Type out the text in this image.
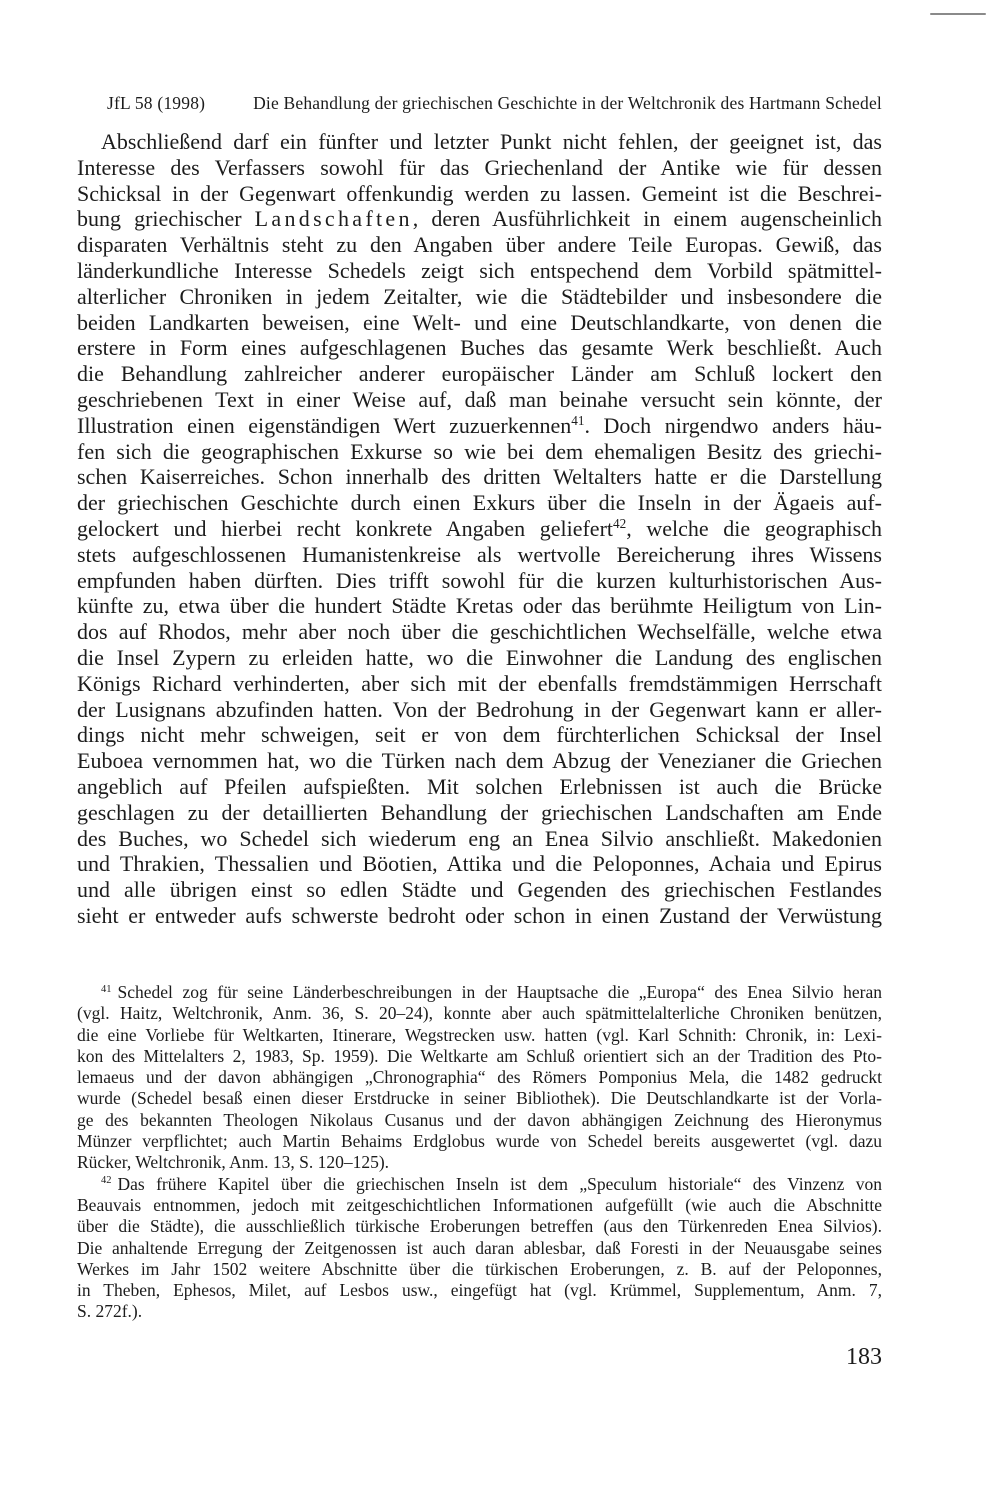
JfL 58 (1998)	Die Behandlung der griechischen Geschichte in der Weltchronik des Hartmann Schedel
Abschließend darf ein fünfter und letzter Punkt nicht fehlen, der geeignet ist, das
Interesse des Verfassers sowohl für das Griechenland der Antike wie für dessen
Schicksal in der Gegenwart offenkundig werden zu lassen. Gemeint ist die Beschrei-
bung griechischer Landschaften, deren Ausführlichkeit in einem augenscheinlich
disparaten Verhältnis steht zu den Angaben über andere Teile Europas. Gewiß, das
länderkundliche Interesse Schedels zeigt sich entspechend dem Vorbild spätmittel-
alterlicher Chroniken in jedem Zeitalter, wie die Städtebilder und insbesondere die
beiden Landkarten beweisen, eine Welt- und eine Deutschlandkarte, von denen die
erstere in Form eines aufgeschlagenen Buches das gesamte Werk beschließt. Auch
die Behandlung zahlreicher anderer europäischer Länder am Schluß lockert den
geschriebenen Text in einer Weise auf, daß man beinahe versucht sein könnte, der
Illustration einen eigenständigen Wert zuzuerkennen$^{41}$. Doch nirgendwo anders häu-
fen sich die geographischen Exkurse so wie bei dem ehemaligen Besitz des griechi-
schen Kaiserreiches. Schon innerhalb des dritten Weltalters hatte er die Darstellung
der griechischen Geschichte durch einen Exkurs über die Inseln in der Ägaeis auf-
gelockert und hierbei recht konkrete Angaben geliefert$^{42}$, welche die geographisch
stets aufgeschlossenen Humanistenkreise als wertvolle Bereicherung ihres Wissens
empfunden haben dürften. Dies trifft sowohl für die kurzen kulturhistorischen Aus-
künfte zu, etwa über die hundert Städte Kretas oder das berühmte Heiligtum von Lin-
dos auf Rhodos, mehr aber noch über die geschichtlichen Wechselfälle, welche etwa
die Insel Zypern zu erleiden hatte, wo die Einwohner die Landung des englischen
Königs Richard verhinderten, aber sich mit der ebenfalls fremdstämmigen Herrschaft
der Lusignans abzufinden hatten. Von der Bedrohung in der Gegenwart kann er aller-
dings nicht mehr schweigen, seit er von dem fürchterlichen Schicksal der Insel
Euboea vernommen hat, wo die Türken nach dem Abzug der Venezianer die Griechen
angeblich auf Pfeilen aufspießten. Mit solchen Erlebnissen ist auch die Brücke
geschlagen zu der detaillierten Behandlung der griechischen Landschaften am Ende
des Buches, wo Schedel sich wiederum eng an Enea Silvio anschließt. Makedonien
und Thrakien, Thessalien und Böotien, Attika und die Peloponnes, Achaia und Epirus
und alle übrigen einst so edlen Städte und Gegenden des griechischen Festlandes
sieht er entweder aufs schwerste bedroht oder schon in einen Zustand der Verwüstung
$^{41}$ Schedel zog für seine Länderbeschreibungen in der Hauptsache die „Europa“ des Enea Silvio heran
(vgl. Haitz, Weltchronik, Anm. 36, S. 20–24), konnte aber auch spätmittelalterliche Chroniken benützen,
die eine Vorliebe für Weltkarten, Itinerare, Wegstrecken usw. hatten (vgl. Karl Schnith: Chronik, in: Lexi-
kon des Mittelalters 2, 1983, Sp. 1959). Die Weltkarte am Schluß orientiert sich an der Tradition des Pto-
lemaeus und der davon abhängigen „Chronographia“ des Römers Pomponius Mela, die 1482 gedruckt
wurde (Schedel besaß einen dieser Erstdrucke in seiner Bibliothek). Die Deutschlandkarte ist der Vorla-
ge des bekannten Theologen Nikolaus Cusanus und der davon abhängigen Zeichnung des Hieronymus
Münzer verpflichtet; auch Martin Behaims Erdglobus wurde von Schedel bereits ausgewertet (vgl. dazu
Rücker, Weltchronik, Anm. 13, S. 120–125).
$^{42}$ Das frühere Kapitel über die griechischen Inseln ist dem „Speculum historiale“ des Vinzenz von
Beauvais entnommen, jedoch mit zeitgeschichtlichen Informationen aufgefüllt (wie auch die Abschnitte
über die Städte), die ausschließlich türkische Eroberungen betreffen (aus den Türkenreden Enea Silvios).
Die anhaltende Erregung der Zeitgenossen ist auch daran ablesbar, daß Foresti in der Neuausgabe seines
Werkes im Jahr 1502 weitere Abschnitte über die türkischen Eroberungen, z. B. auf der Peloponnes,
in Theben, Ephesos, Milet, auf Lesbos usw., eingefügt hat (vgl. Krümmel, Supplementum, Anm. 7,
S. 272f.).
183
